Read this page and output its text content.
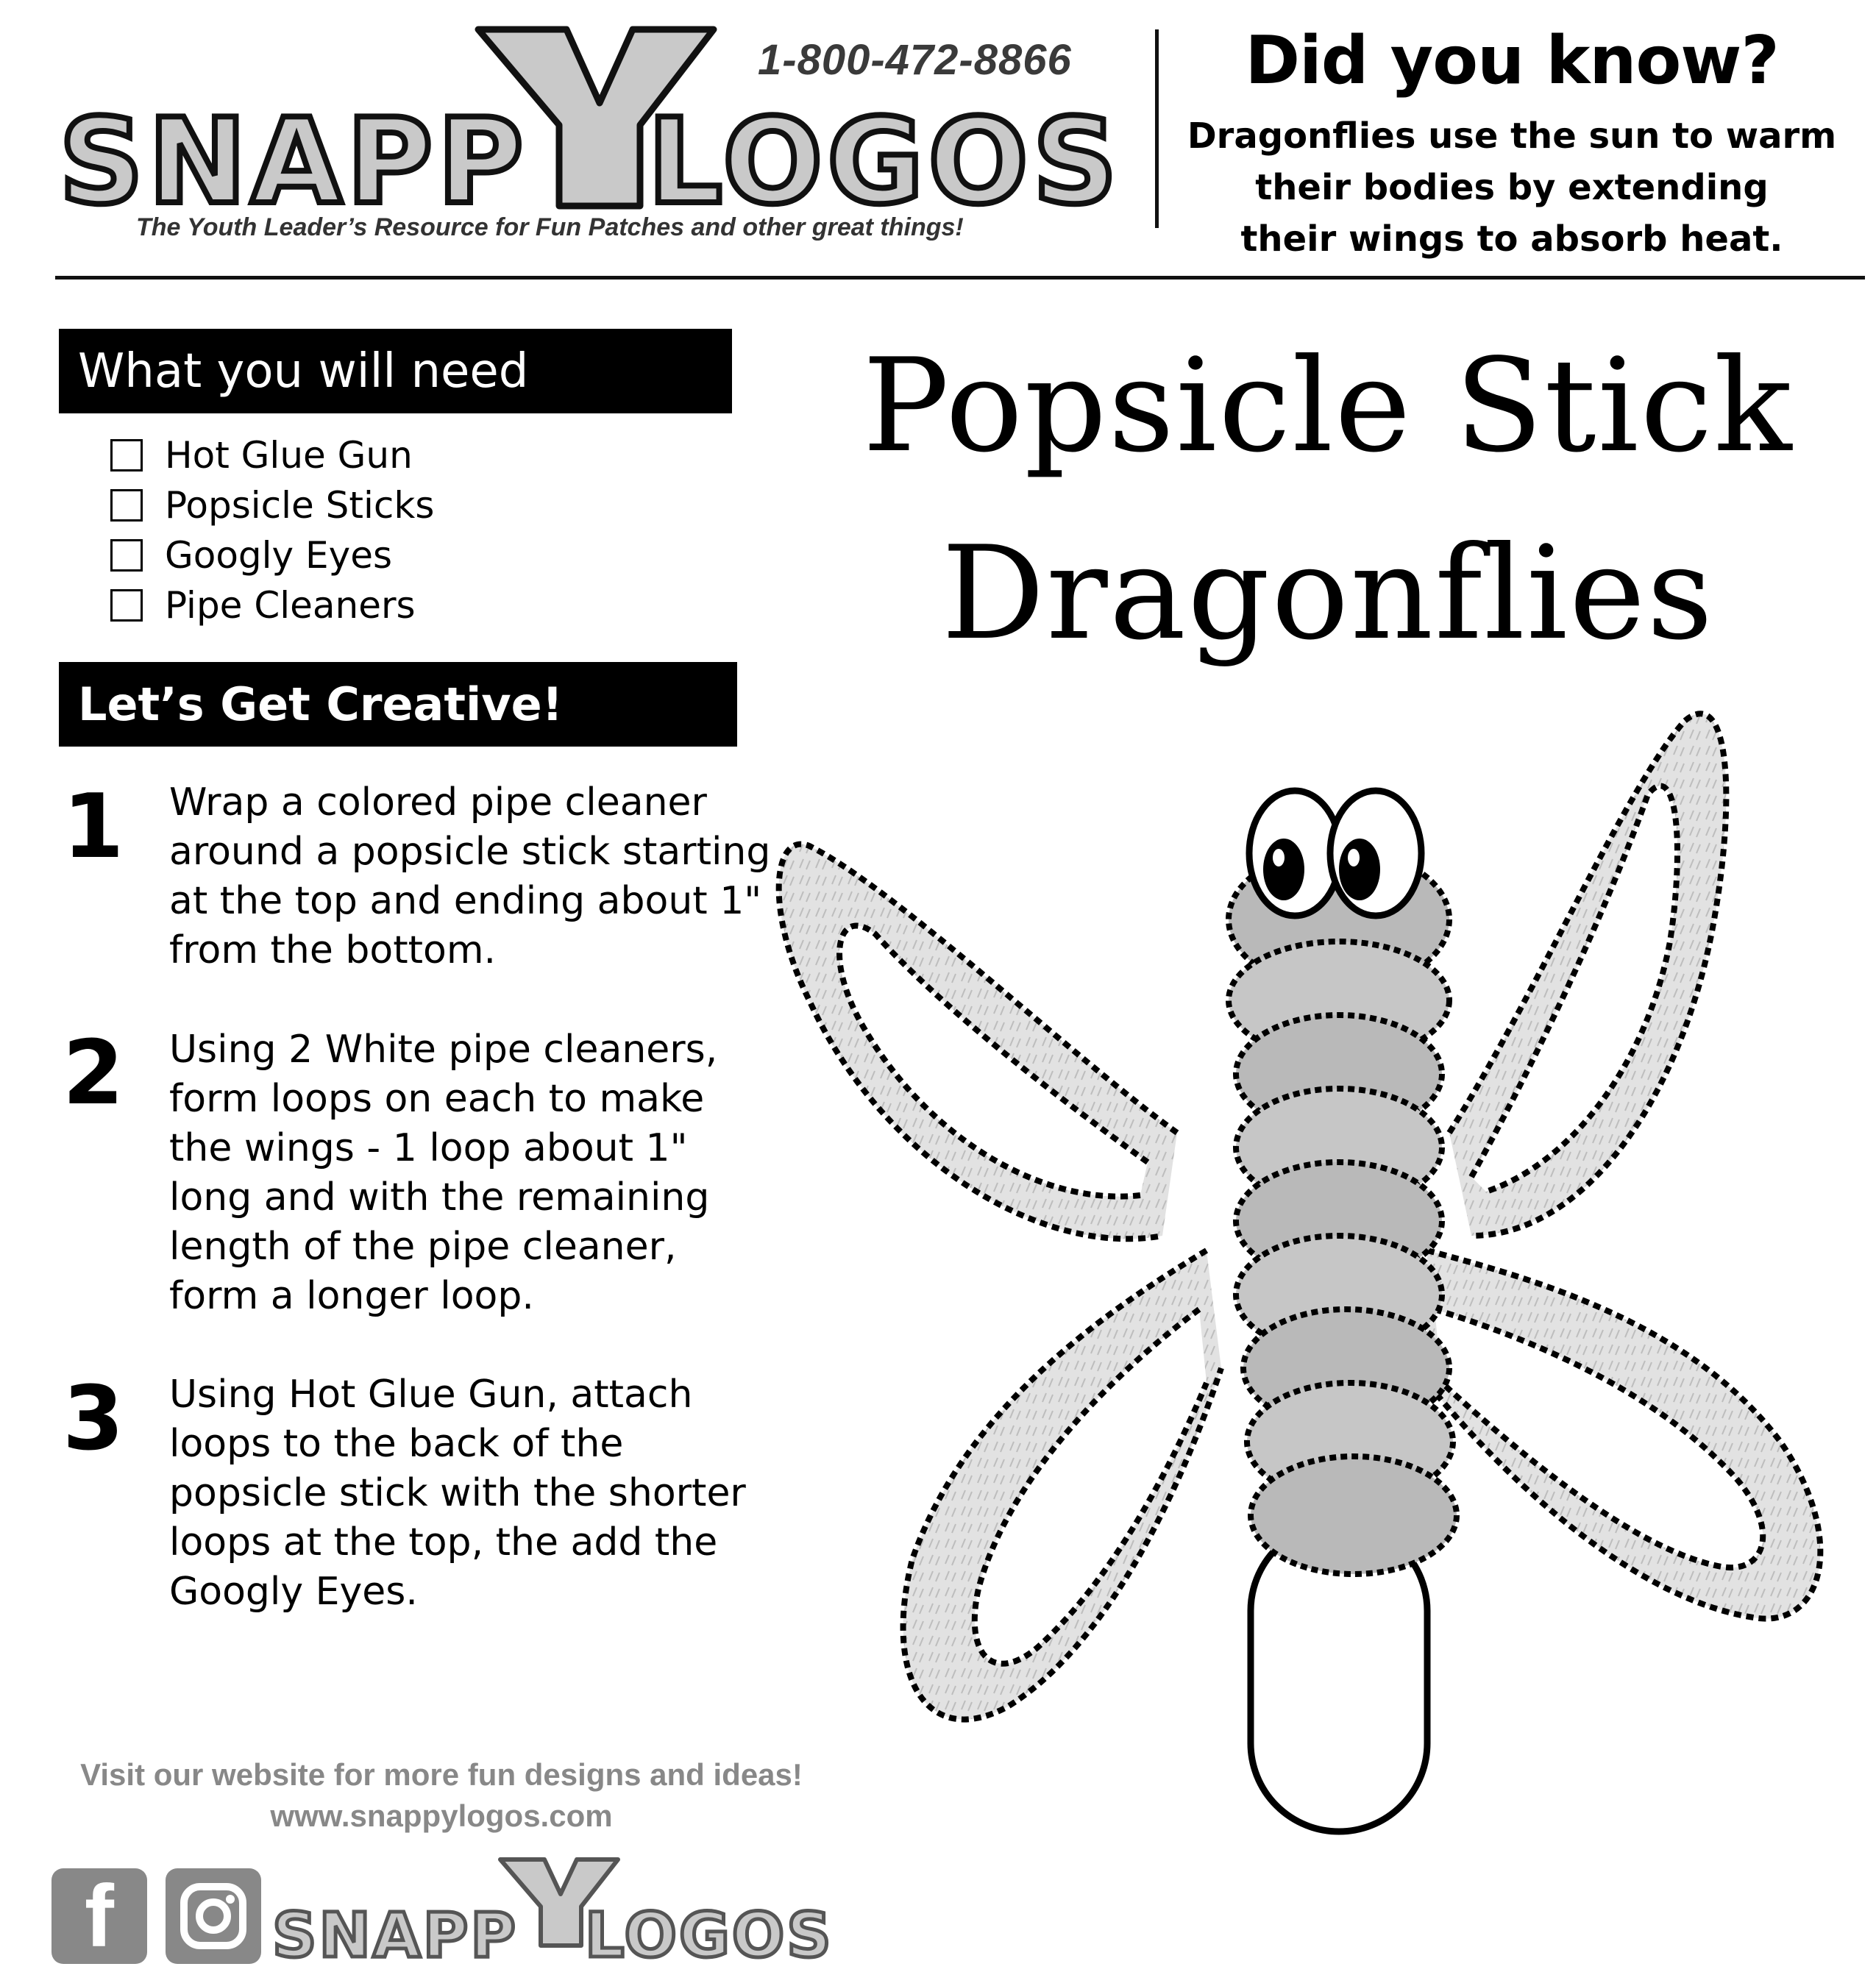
SNAPP LOGOS
1-800-472-8866
The Youth Leader’s Resource for Fun Patches and other great things!
Did you know?
Dragonflies use the sun to warm
their bodies by extending
their wings to absorb heat.
What you will need
Hot Glue Gun
Popsicle Sticks
Googly Eyes
Pipe Cleaners
Let’s Get Creative!
1 Wrap a colored pipe cleaner
around a popsicle stick starting
at the top and ending about 1"
from the bottom.
2 Using 2 White pipe cleaners,
form loops on each to make
the wings - 1 loop about 1"
long and with the remaining
length of the pipe cleaner,
form a longer loop.
3 Using Hot Glue Gun, attach
loops to the back of the
popsicle stick with the shorter
loops at the top, the add the
Googly Eyes.
Popsicle Stick
Dragonflies
Visit our website for more fun designs and ideas!
www.snappylogos.com
f	SNAPP LOGOS
